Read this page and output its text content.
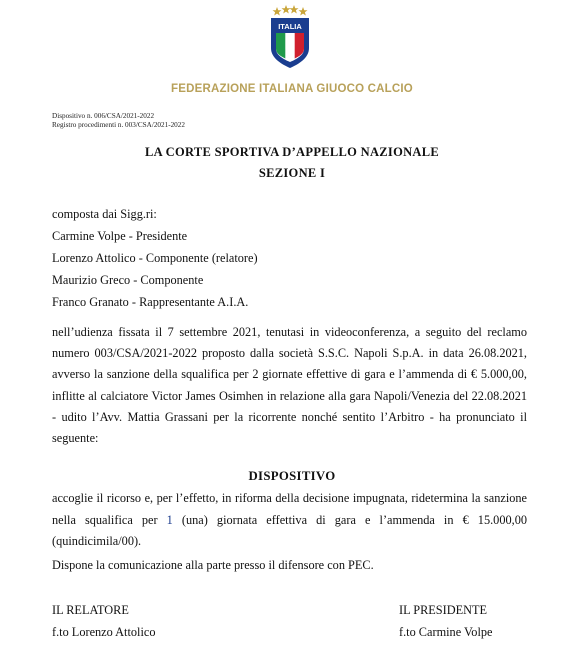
ITALIA
FEDERAZIONE ITALIANA GIUOCO CALCIO
Dispositivo n. 006/CSA/2021-2022
Registro procedimenti n. 003/CSA/2021-2022
LA CORTE SPORTIVA D’APPELLO NAZIONALE
SEZIONE I
composta dai Sigg.ri:
Carmine Volpe - Presidente
Lorenzo Attolico - Componente (relatore)
Maurizio Greco - Componente
Franco Granato - Rappresentante A.I.A.
nell’udienza fissata il 7 settembre 2021, tenutasi in videoconferenza, a seguito del reclamo numero 003/CSA/2021-2022 proposto dalla società S.S.C. Napoli S.p.A. in data 26.08.2021, avverso la sanzione della squalifica per 2 giornate effettive di gara e l’ammenda di € 5.000,00, inflitte al calciatore Victor James Osimhen in relazione alla gara Napoli/Venezia del 22.08.2021 - udito l’Avv. Mattia Grassani per la ricorrente nonché sentito l’Arbitro - ha pronunciato il seguente:
DISPOSITIVO
accoglie il ricorso e, per l’effetto, in riforma della decisione impugnata, ridetermina la sanzione nella squalifica per 1 (una) giornata effettiva di gara e l’ammenda in € 15.000,00 (quindicimila/00).
Dispone la comunicazione alla parte presso il difensore con PEC.
IL RELATORE
f.to Lorenzo Attolico
IL PRESIDENTE
f.to Carmine Volpe
